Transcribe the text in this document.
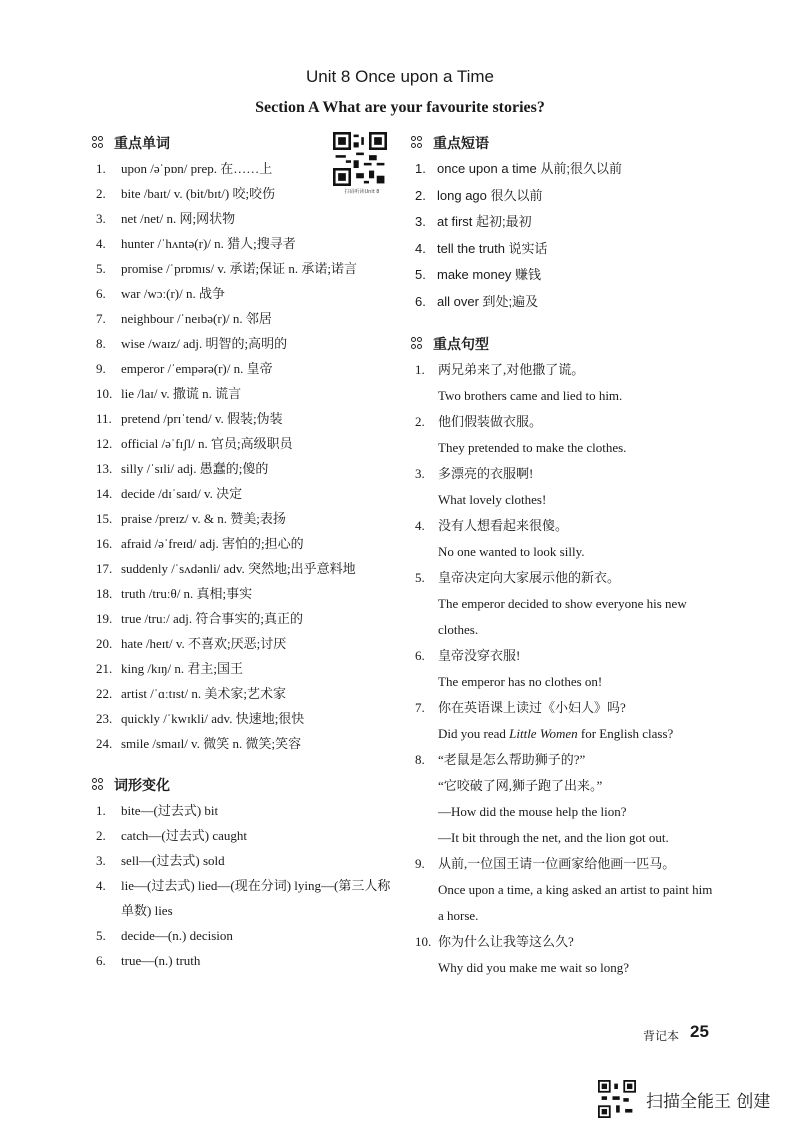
Unit 8 Once upon a Time
Section A What are your favourite stories?
扫码听读Unit 8
重点单词
1.	upon /əˈpɒn/ prep. 在……上
2.	bite /baɪt/ v. (bit/bɪt/) 咬;咬伤
3.	net /net/ n. 网;网状物
4.	hunter /ˈhʌntə(r)/ n. 猎人;搜寻者
5.	promise /ˈprɒmɪs/ v. 承诺;保证 n. 承诺;诺言
6.	war /wɔː(r)/ n. 战争
7.	neighbour /ˈneɪbə(r)/ n. 邻居
8.	wise /waɪz/ adj. 明智的;高明的
9.	emperor /ˈempərə(r)/ n. 皇帝
10. lie /laɪ/ v. 撒谎 n. 谎言
11. pretend /prɪˈtend/ v. 假装;伪装
12. official /əˈfɪʃl/ n. 官员;高级职员
13. silly /ˈsɪli/ adj. 愚蠢的;傻的
14. decide /dɪˈsaɪd/ v. 决定
15. praise /preɪz/ v. & n. 赞美;表扬
16. afraid /əˈfreɪd/ adj. 害怕的;担心的
17. suddenly /ˈsʌdənli/ adv. 突然地;出乎意料地
18. truth /truːθ/ n. 真相;事实
19. true /truː/ adj. 符合事实的;真正的
20. hate /heɪt/ v. 不喜欢;厌恶;讨厌
21. king /kɪŋ/ n. 君主;国王
22. artist /ˈɑːtɪst/ n. 美术家;艺术家
23. quickly /ˈkwɪkli/ adv. 快速地;很快
24. smile /smaɪl/ v. 微笑 n. 微笑;笑容
词形变化
1.	bite—(过去式) bit
2.	catch—(过去式) caught
3.	sell—(过去式) sold
4.	lie—(过去式) lied—(现在分词) lying—(第三人称单数) lies
5.	decide—(n.) decision
6.	true—(n.) truth
重点短语
1. once upon a time 从前;很久以前
2. long ago 很久以前
3. at first 起初;最初
4. tell the truth 说实话
5. make money 赚钱
6. all over 到处;遍及
重点句型
1.	两兄弟来了,对他撒了谎。
Two brothers came and lied to him.
2.	他们假装做衣服。
They pretended to make the clothes.
3.	多漂亮的衣服啊!
What lovely clothes!
4.	没有人想看起来很傻。
No one wanted to look silly.
5.	皇帝决定向大家展示他的新衣。
The emperor decided to show everyone his new clothes.
6.	皇帝没穿衣服!
The emperor has no clothes on!
7.	你在英语课上读过《小妇人》吗?
Did you read Little Women for English class?
8.	“老鼠是怎么帮助狮子的?”
“它咬破了网,狮子跑了出来。”
—How did the mouse help the lion?
—It bit through the net, and the lion got out.
9.	从前,一位国王请一位画家给他画一匹马。
Once upon a time, a king asked an artist to paint him a horse.
10. 你为什么让我等这么久?
Why did you make me wait so long?
背记本 25
扫描全能王 创建
